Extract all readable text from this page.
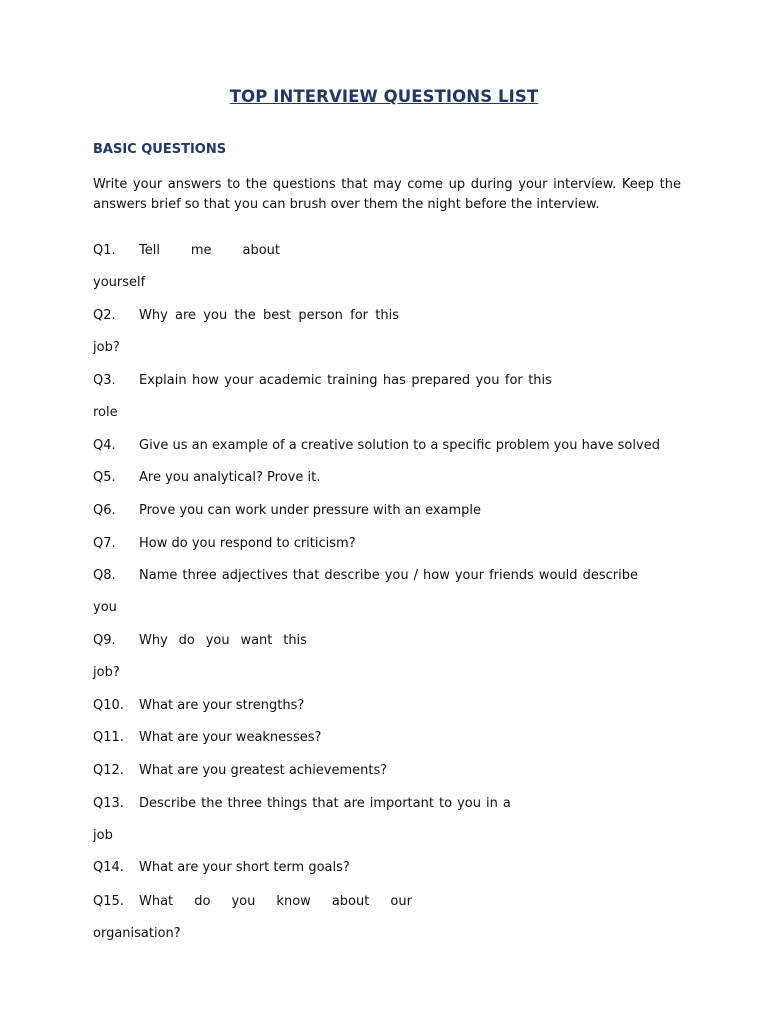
TOP INTERVIEW QUESTIONS LIST
BASIC QUESTIONS
Write your answers to the questions that may come up during your interview. Keep the answers brief so that you can brush over them the night before the interview.
Q1. Tell me about
yourself
Q2. Why are you the best person for this
job?
Q3. Explain how your academic training has prepared you for this
role
Q4. Give us an example of a creative solution to a specific problem you have solved
Q5. Are you analytical? Prove it.
Q6. Prove you can work under pressure with an example
Q7. How do you respond to criticism?
Q8. Name three adjectives that describe you / how your friends would describe
you
Q9. Why do you want this
job?
Q10. What are your strengths?
Q11. What are your weaknesses?
Q12. What are you greatest achievements?
Q13. Describe the three things that are important to you in a
job
Q14. What are your short term goals?
Q15. What do you know about our
organisation?
